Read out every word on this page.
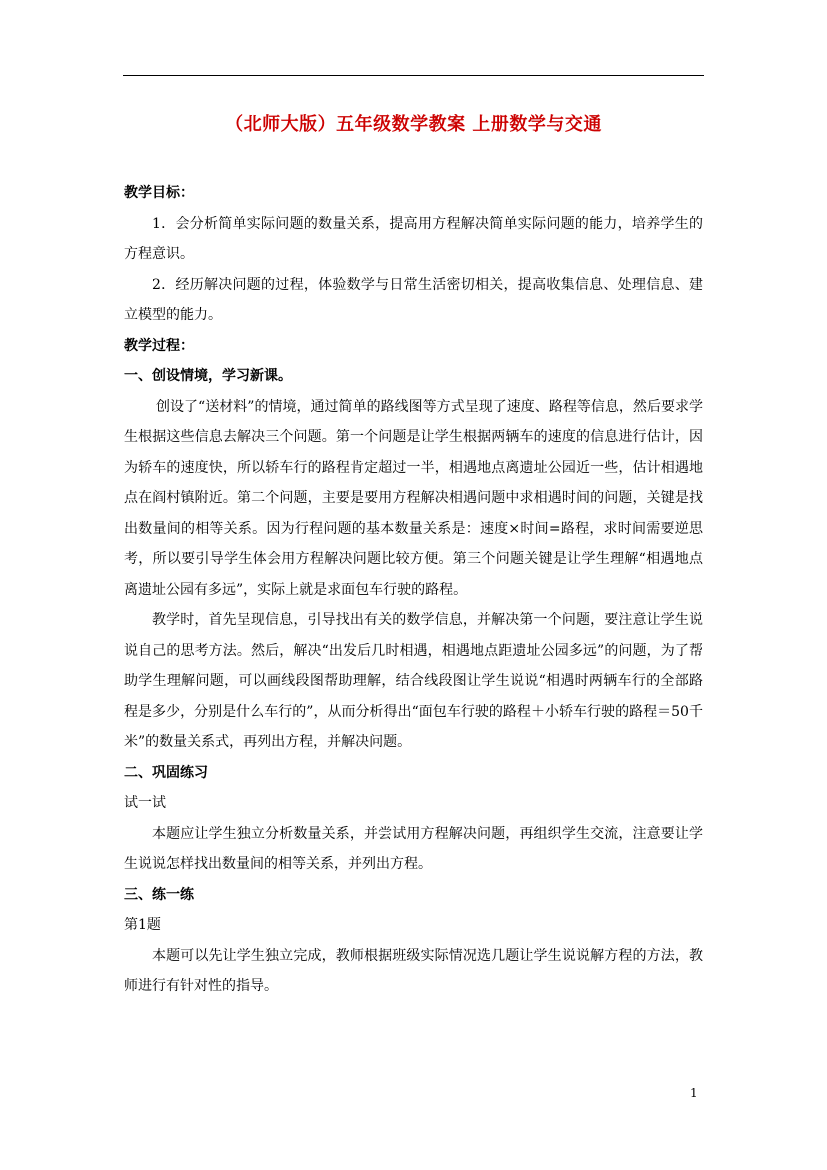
（北师大版）五年级数学教案 上册数学与交通

教学目标：

1．会分析简单实际问题的数量关系，提高用方程解决简单实际问题的能力，培养学生的方程意识。

2．经历解决问题的过程，体验数学与日常生活密切相关，提高收集信息、处理信息、建立模型的能力。

教学过程：

一、创设情境，学习新课。

创设了“送材料”的情境，通过简单的路线图等方式呈现了速度、路程等信息，然后要求学生根据这些信息去解决三个问题。第一个问题是让学生根据两辆车的速度的信息进行估计，因为轿车的速度快，所以轿车行的路程肯定超过一半，相遇地点离遗址公园近一些，估计相遇地点在阎村镇附近。第二个问题，主要是要用方程解决相遇问题中求相遇时间的问题，关键是找出数量间的相等关系。因为行程问题的基本数量关系是：速度×时间=路程，求时间需要逆思考，所以要引导学生体会用方程解决问题比较方便。第三个问题关键是让学生理解“相遇地点离遗址公园有多远”，实际上就是求面包车行驶的路程。

教学时，首先呈现信息，引导找出有关的数学信息，并解决第一个问题，要注意让学生说说自己的思考方法。然后，解决“出发后几时相遇，相遇地点距遗址公园多远”的问题，为了帮助学生理解问题，可以画线段图帮助理解，结合线段图让学生说说“相遇时两辆车行的全部路程是多少，分别是什么车行的”，从而分析得出“面包车行驶的路程＋小轿车行驶的路程＝50千米”的数量关系式，再列出方程，并解决问题。

二、巩固练习

试一试

本题应让学生独立分析数量关系，并尝试用方程解决问题，再组织学生交流，注意要让学生说说怎样找出数量间的相等关系，并列出方程。

三、练一练

第1题

本题可以先让学生独立完成，教师根据班级实际情况选几题让学生说说解方程的方法，教师进行有针对性的指导。

1
